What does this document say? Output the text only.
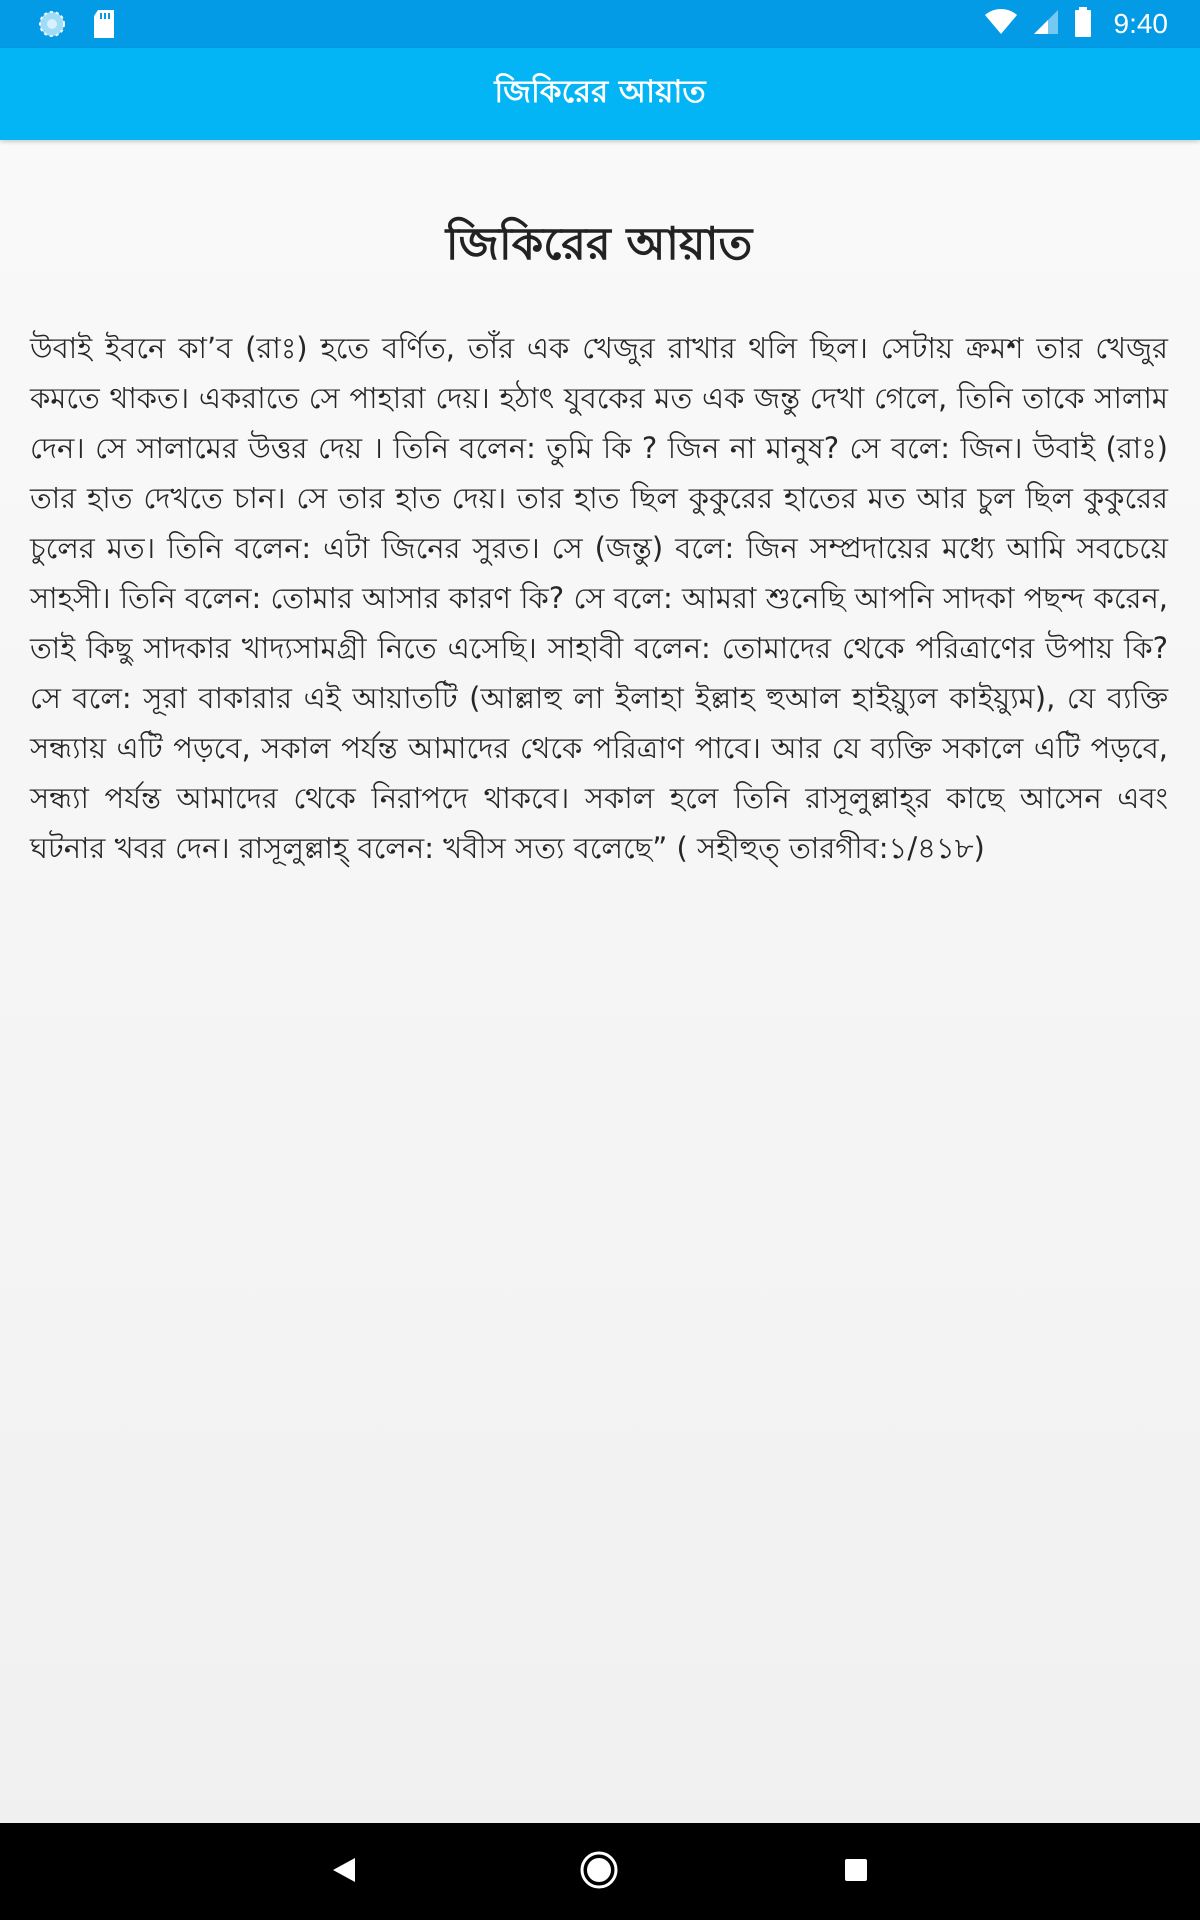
9:40
জিকিরের আয়াত
জিকিরের আয়াত

উবাই ইবনে কা’ব (রাঃ) হতে বর্ণিত, তাঁর এক খেজুর রাখার থলি ছিল। সেটায় ক্রমশ তার খেজুর কমতে থাকত। একরাতে সে পাহারা দেয়। হঠাৎ যুবকের মত এক জন্তু দেখা গেলে, তিনি তাকে সালাম দেন। সে সালামের উত্তর দেয় । তিনি বলেন: তুমি কি ? জিন না মানুষ? সে বলে: জিন। উবাই (রাঃ) তার হাত দেখতে চান। সে তার হাত দেয়। তার হাত ছিল কুকুরের হাতের মত আর চুল ছিল কুকুরের চুলের মত। তিনি বলেন: এটা জিনের সুরত। সে (জন্তু) বলে: জিন সম্প্রদায়ের মধ্যে আমি সবচেয়ে সাহসী। তিনি বলেন: তোমার আসার কারণ কি? সে বলে: আমরা শুনেছি আপনি সাদকা পছন্দ করেন, তাই কিছু সাদকার খাদ্যসামগ্রী নিতে এসেছি। সাহাবী বলেন: তোমাদের থেকে পরিত্রাণের উপায় কি? সে বলে: সূরা বাকারার এই আয়াতটি (আল্লাহু লা ইলাহা ইল্লাহ হুআল হাইয়্যুল কাইয়্যুম), যে ব্যক্তি সন্ধ্যায় এটি পড়বে, সকাল পর্যন্ত আমাদের থেকে পরিত্রাণ পাবে। আর যে ব্যক্তি সকালে এটি পড়বে, সন্ধ্যা পর্যন্ত আমাদের থেকে নিরাপদে থাকবে। সকাল হলে তিনি রাসূলুল্লাহ্‌র কাছে আসেন এবং ঘটনার খবর দেন। রাসূলুল্লাহ্ বলেন: খবীস সত্য বলেছে” ( সহীহুত্ তারগীব:১/৪১৮)
